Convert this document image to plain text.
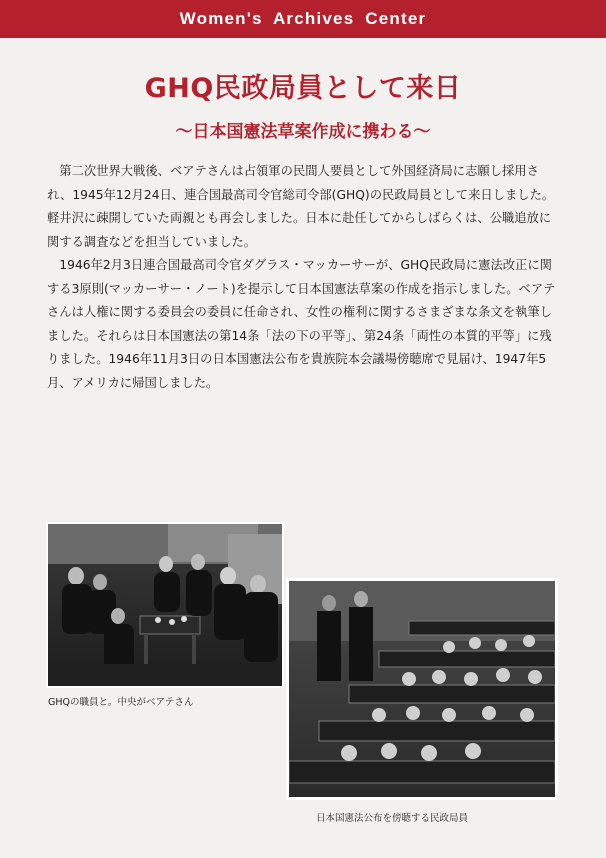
Women's Archives Center
GHQ民政局員として来日
〜日本国憲法草案作成に携わる〜

第二次世界大戦後、ベアテさんは占領軍の民間人要員として外国経済局に志願し採用され、1945年12月24日、連合国最高司令官総司令部(GHQ)の民政局員として来日しました。軽井沢に疎開していた両親とも再会しました。日本に赴任してからしばらくは、公職追放に関する調査などを担当していました。

1946年2月3日連合国最高司令官ダグラス・マッカーサーが、GHQ民政局に憲法改正に関する3原則(マッカーサー・ノート)を提示して日本国憲法草案の作成を指示しました。ベアテさんは人権に関する委員会の委員に任命され、女性の権利に関するさまざまな条文を執筆しました。それらは日本国憲法の第14条「法の下の平等」、第24条「両性の本質的平等」に残りました。1946年11月3日の日本国憲法公布を貴族院本会議場傍聴席で見届け、1947年5月、アメリカに帰国しました。

GHQの職員と。中央がベアテさん

日本国憲法公布を傍聴する民政局員
